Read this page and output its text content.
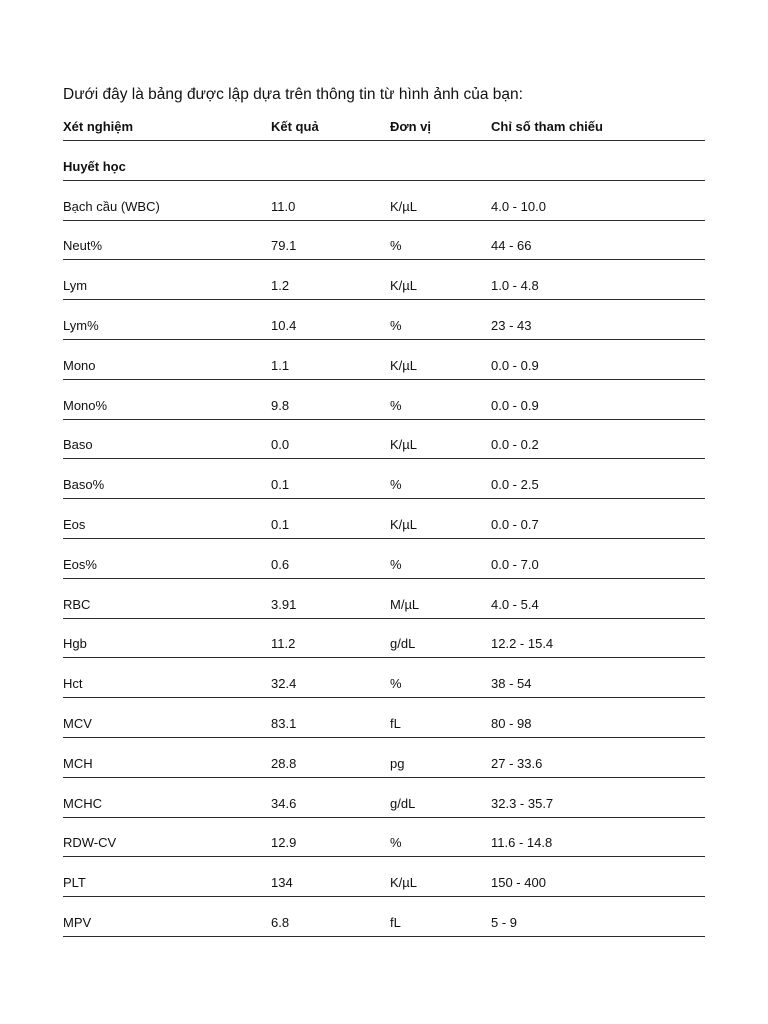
Dưới đây là bảng được lập dựa trên thông tin từ hình ảnh của bạn:
Xét nghiệm	Kết quả	Đơn vị	Chỉ số tham chiếu
Huyết học
Bạch cầu (WBC)	11.0	K/µL	4.0 - 10.0
Neut%	79.1	%	44 - 66
Lym	1.2	K/µL	1.0 - 4.8
Lym%	10.4	%	23 - 43
Mono	1.1	K/µL	0.0 - 0.9
Mono%	9.8	%	0.0 - 0.9
Baso	0.0	K/µL	0.0 - 0.2
Baso%	0.1	%	0.0 - 2.5
Eos	0.1	K/µL	0.0 - 0.7
Eos%	0.6	%	0.0 - 7.0
RBC	3.91	M/µL	4.0 - 5.4
Hgb	11.2	g/dL	12.2 - 15.4
Hct	32.4	%	38 - 54
MCV	83.1	fL	80 - 98
MCH	28.8	pg	27 - 33.6
MCHC	34.6	g/dL	32.3 - 35.7
RDW-CV	12.9	%	11.6 - 14.8
PLT	134	K/µL	150 - 400
MPV	6.8	fL	5 - 9
